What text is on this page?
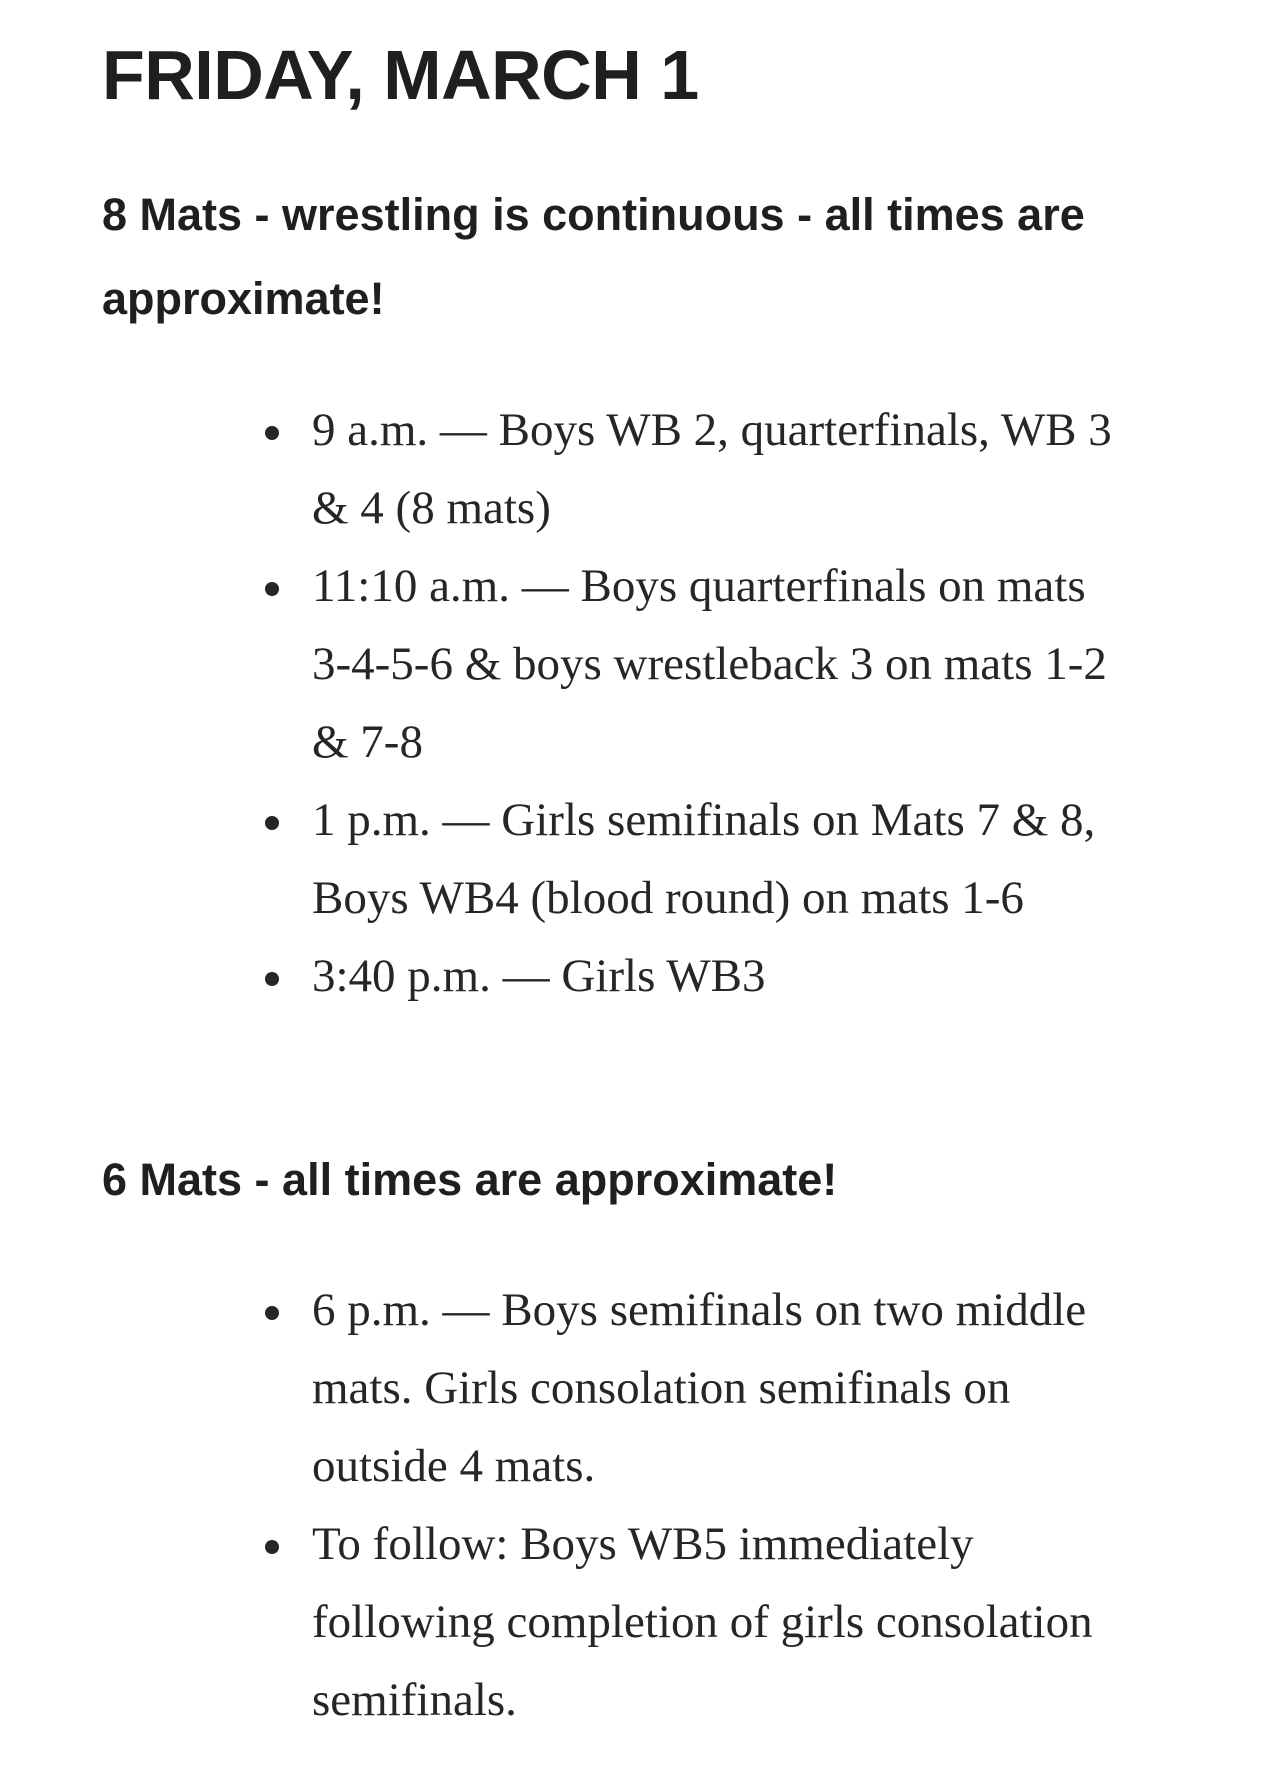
FRIDAY, MARCH 1
8 Mats - wrestling is continuous - all times are approximate!
9 a.m. — Boys WB 2, quarterfinals, WB 3 & 4 (8 mats)
11:10 a.m. — Boys quarterfinals on mats 3-4-5-6 & boys wrestleback 3 on mats 1-2 & 7-8
1 p.m. — Girls semifinals on Mats 7 & 8, Boys WB4 (blood round) on mats 1-6
3:40 p.m. — Girls WB3
6 Mats - all times are approximate!
6 p.m. — Boys semifinals on two middle mats. Girls consolation semifinals on outside 4 mats.
To follow: Boys WB5 immediately following completion of girls consolation semifinals.
